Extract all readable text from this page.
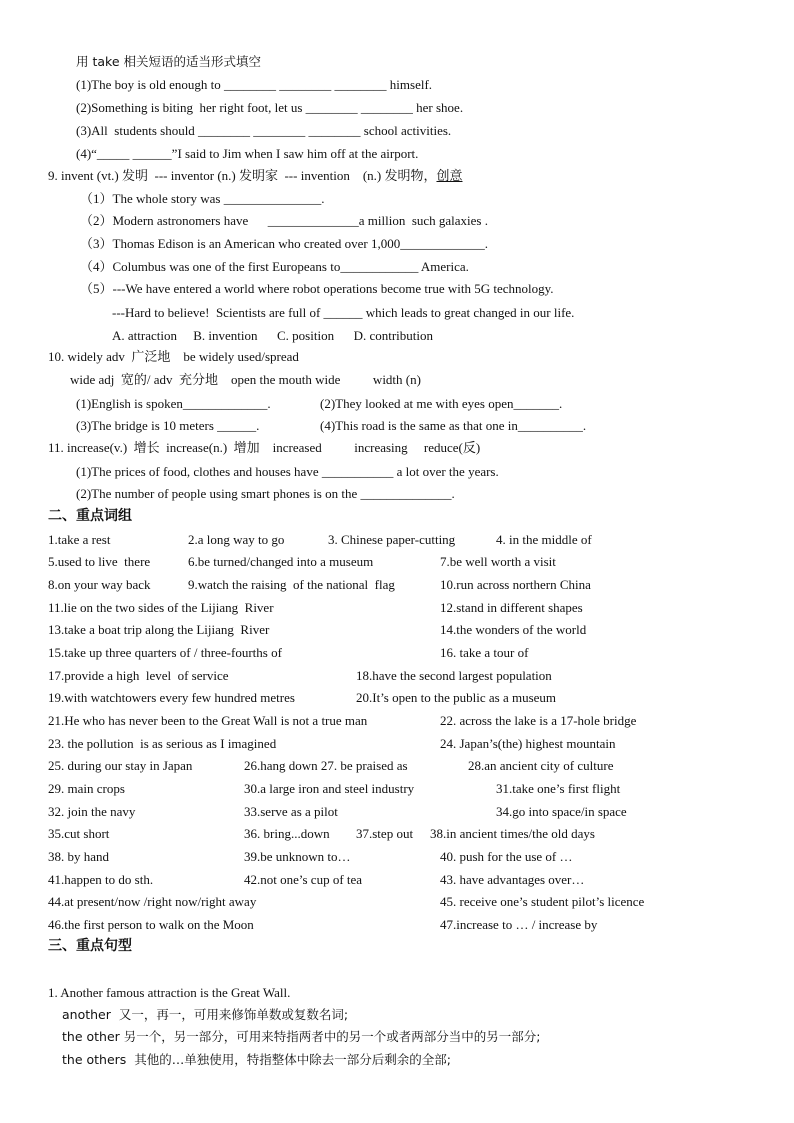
用 take 相关短语的适当形式填空
(1)The boy is old enough to ________ ________ ________ himself.
(2)Something is biting  her right foot, let us ________ ________ her shoe.
(3)All  students should ________ ________ ________ school activities.
(4)“_____ ______”I said to Jim when I saw him off at the airport.
9. invent (vt.) 发明  --- inventor (n.) 发明家  --- invention    (n.) 发明物，创意
（1）The whole story was _______________.
（2）Modern astronomers have      ______________a million  such galaxies .
（3）Thomas Edison is an American who created over 1,000_____________.
（4）Columbus was one of the first Europeans to____________ America.
（5）---We have entered a world where robot operations become true with 5G technology.
---Hard to believe!  Scientists are full of ______ which leads to great changed in our life.
A. attraction     B. invention      C. position      D. contribution
10. widely adv  广泛地    be widely used/spread
wide adj  宽的/ adv  充分地    open the mouth wide          width (n)
(1)English is spoken_____________.	(2)They looked at me with eyes open_______.
(3)The bridge is 10 meters ______.	(4)This road is the same as that one in__________.
11. increase(v.)  增长  increase(n.)  增加    increased          increasing     reduce(反)
(1)The prices of food, clothes and houses have ___________ a lot over the years.
(2)The number of people using smart phones is on the ______________.
二、重点词组
1.take a rest	2.a long way to go	3. Chinese paper-cutting	4. in the middle of
5.used to live  there	6.be turned/changed into a museum	7.be well worth a visit
8.on your way back	9.watch the raising  of the national  flag	10.run across northern China
11.lie on the two sides of the Lijiang  River	12.stand in different shapes
13.take a boat trip along the Lijiang  River	14.the wonders of the world
15.take up three quarters of / three-fourths of	16. take a tour of
17.provide a high  level  of service	18.have the second largest population
19.with watchtowers every few hundred metres	20.It’s open to the public as a museum
21.He who has never been to the Great Wall is not a true man	22. across the lake is a 17-hole bridge
23. the pollution  is as serious as I imagined	24. Japan’s(the) highest mountain
25. during our stay in Japan	26.hang down 27. be praised as	28.an ancient city of culture
29. main crops	30.a large iron and steel industry	31.take one’s first flight
32. join the navy	33.serve as a pilot	34.go into space/in space
35.cut short	36. bring...down 37.step out 38.in ancient times/the old days
38. by hand	39.be unknown to…	40. push for the use of …
41.happen to do sth.	42.not one’s cup of tea	43. have advantages over…
44.at present/now /right now/right away	45. receive one’s student pilot’s licence
46.the first person to walk on the Moon	47.increase to … / increase by
三、重点句型
1. Another famous attraction is the Great Wall.
another  又一，再一，可用来修饰单数或复数名词;
the other 另一个，另一部分，可用来特指两者中的另一个或者两部分当中的另一部分;
the others  其他的…单独使用，特指整体中除去一部分后剩余的全部;
